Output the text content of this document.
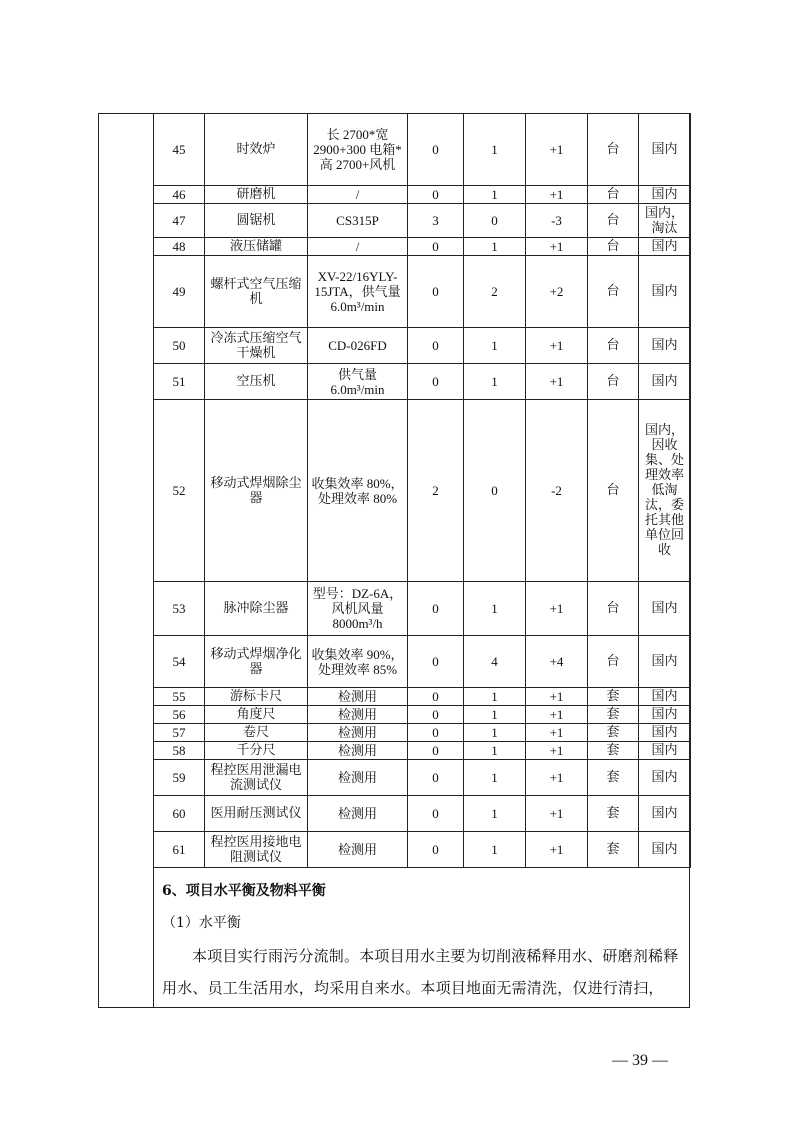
45	时效炉	长 2700*宽 2900+300 电箱*高 2700+风机	0	1	+1	台	国内
46	研磨机	/	0	1	+1	台	国内
47	圆锯机	CS315P	3	0	-3	台	国内，淘汰
48	液压储罐	/	0	1	+1	台	国内
49	螺杆式空气压缩机	XV-22/16YLY-15JTA，供气量 6.0m³/min	0	2	+2	台	国内
50	冷冻式压缩空气干燥机	CD-026FD	0	1	+1	台	国内
51	空压机	供气量 6.0m³/min	0	1	+1	台	国内
52	移动式焊烟除尘器	收集效率 80%，处理效率 80%	2	0	-2	台	国内，因收集、处理效率低淘汰，委托其他单位回收
53	脉冲除尘器	型号：DZ-6A，风机风量 8000m³/h	0	1	+1	台	国内
54	移动式焊烟净化器	收集效率 90%，处理效率 85%	0	4	+4	台	国内
55	游标卡尺	检测用	0	1	+1	套	国内
56	角度尺	检测用	0	1	+1	套	国内
57	卷尺	检测用	0	1	+1	套	国内
58	千分尺	检测用	0	1	+1	套	国内
59	程控医用泄漏电流测试仪	检测用	0	1	+1	套	国内
60	医用耐压测试仪	检测用	0	1	+1	套	国内
61	程控医用接地电阻测试仪	检测用	0	1	+1	套	国内
6、项目水平衡及物料平衡
（1）水平衡
本项目实行雨污分流制。本项目用水主要为切削液稀释用水、研磨剂稀释用水、员工生活用水，均采用自来水。本项目地面无需清洗，仅进行清扫，
— 39 —
